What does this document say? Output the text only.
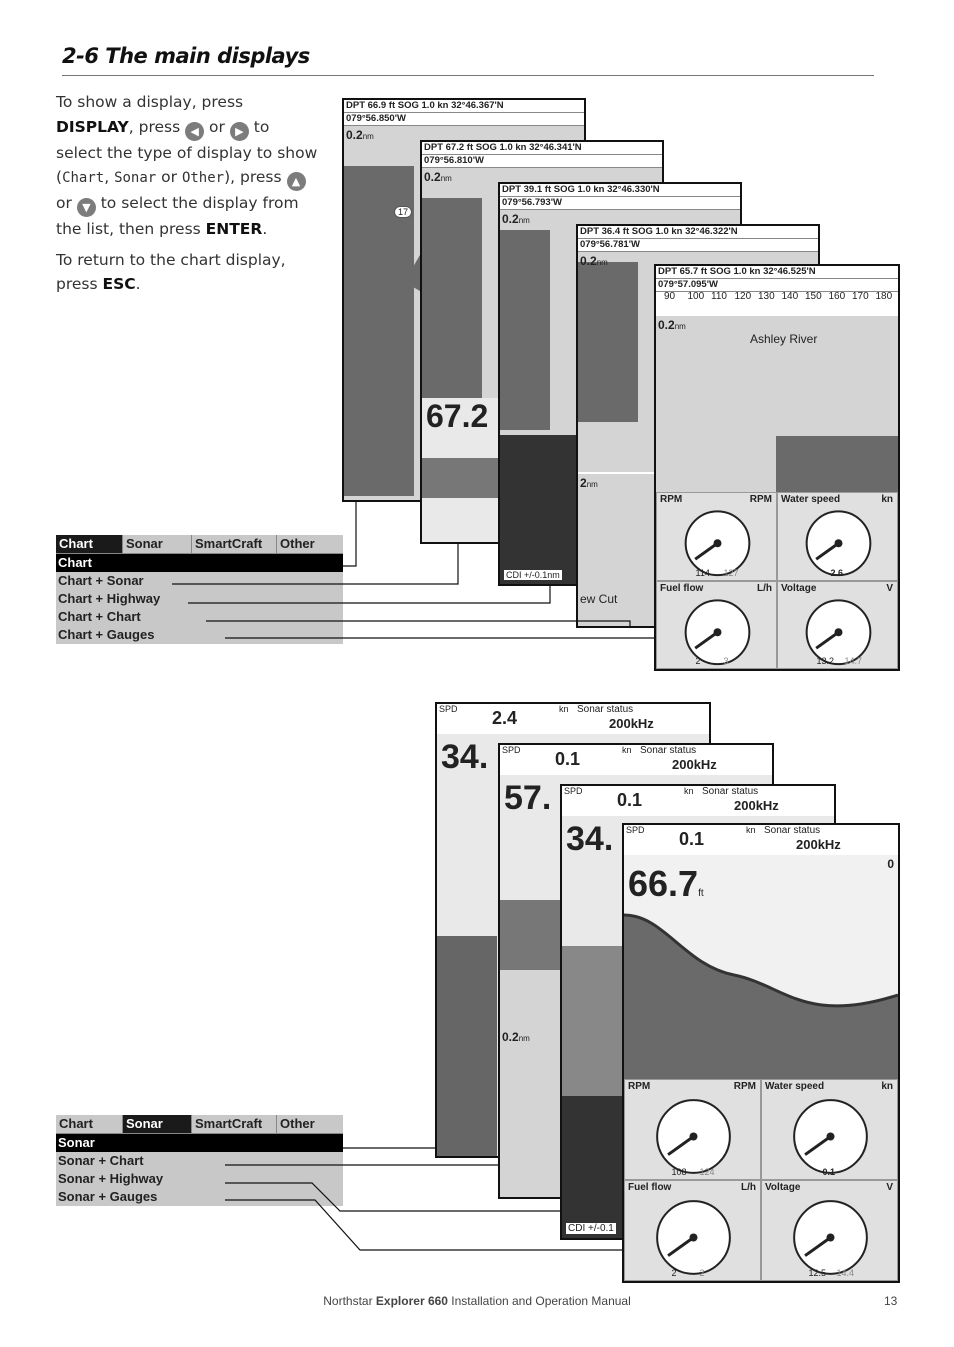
2-6 The main displays

To show a display, press DISPLAY, press ◀ or ▶ to select the type of display to show (Chart, Sonar or Other), press ▲ or ▼ to select the display from the list, then press ENTER.

To return to the chart display, press ESC.

Chart	Sonar	SmartCraft	Other
Chart
Chart + Sonar
Chart + Highway
Chart + Chart
Chart + Gauges
Chart	Sonar	SmartCraft	Other
Sonar
Sonar + Chart
Sonar + Highway
Sonar + Gauges
DPT 66.9 ft SOG 1.0 kn 32°46.367'N
079°56.850'W
0.2nm
17
DPT 67.2 ft SOG 1.0 kn 32°46.341'N
079°56.810'W
0.2nm
67.2
DPT 39.1 ft SOG 1.0 kn 32°46.330'N
079°56.793'W
0.2nm
CDI +/-0.1nm
DPT 36.4 ft SOG 1.0 kn 32°46.322'N
079°56.781'W
0.2nm
2nm
ew Cut
DPT 65.7 ft SOG 1.0 kn 32°46.525'N
079°57.095'W
90 100 110 120 130 140 150 160 170 180
0.2nm
Ashley River
RPM	RPM
114 127
Water speed	kn
2.6
Fuel flow	L/h
2	3
Voltage	V
13.2 14.7
SPD 2.4	kn Sonar status
200kHz
34. SPD 0.1	kn Sonar status
200kHz
57.
0.2nm
SPD 0.1	kn Sonar status
200kHz
34.
CDI +/-0.1
SPD 0.1	kn Sonar status
200kHz
66.7ft
0
RPM	RPM
108 124
Water speed	kn
0.1
Fuel flow	L/h
2	2
Voltage	V
12.5 14.4
Northstar Explorer 660 Installation and Operation Manual	13
